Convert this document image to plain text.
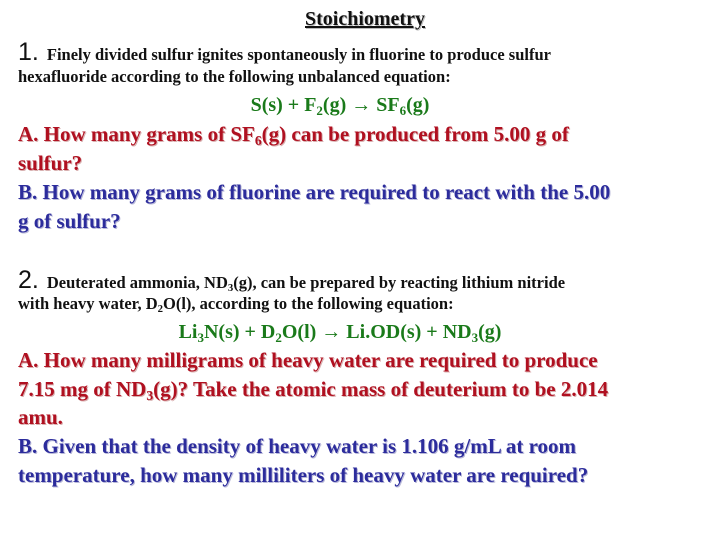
Stoichiometry
1. Finely divided sulfur ignites spontaneously in fluorine to produce sulfur
hexafluoride according to the following unbalanced equation:
$S(s) + F_2(g) \to SF_6(g)$
A. How many grams of $SF_6(g)$ can be produced from 5.00 g of
sulfur?
B. How many grams of fluorine are required to react with the 5.00
g of sulfur?
2. Deuterated ammonia, $ND_3(g)$, can be prepared by reacting lithium nitride
with heavy water, $D_2O(l)$, according to the following equation:
$Li_3N(s) + D_2O(l) \to Li.OD(s) + ND_3(g)$
A. How many milligrams of heavy water are required to produce
7.15 mg of $ND_3(g)$? Take the atomic mass of deuterium to be 2.014
amu.
B. Given that the density of heavy water is 1.106 g/mL at room
temperature, how many milliliters of heavy water are required?
